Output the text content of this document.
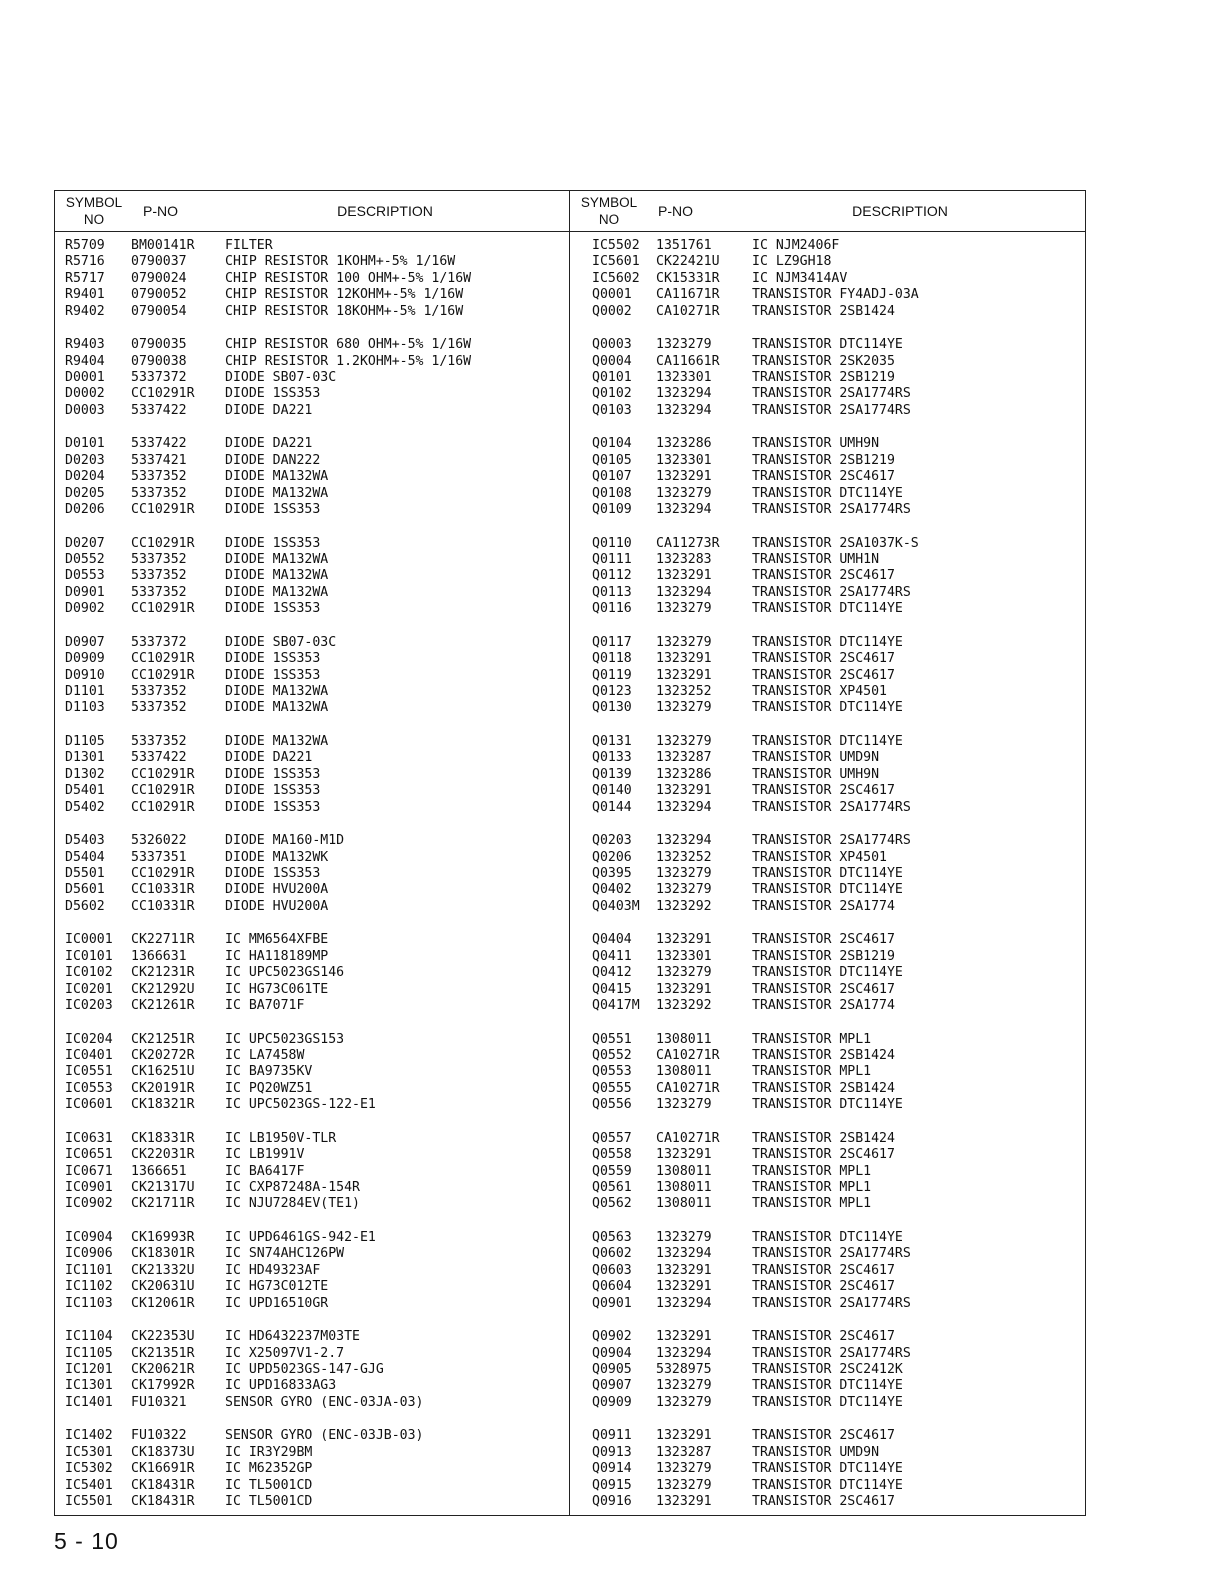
SYMBOL NO
P-NO	DESCRIPTION
R5709	BM00141R	FILTER
R5716	0790037	CHIP RESISTOR 1KOHM+-5% 1/16W
R5717	0790024	CHIP RESISTOR 100 OHM+-5% 1/16W
R9401	0790052	CHIP RESISTOR 12KOHM+-5% 1/16W
R9402	0790054	CHIP RESISTOR 18KOHM+-5% 1/16W
R9403	0790035	CHIP RESISTOR 680 OHM+-5% 1/16W
R9404	0790038	CHIP RESISTOR 1.2KOHM+-5% 1/16W
D0001	5337372	DIODE SB07-03C
D0002	CC10291R	DIODE 1SS353
D0003	5337422	DIODE DA221
D0101	5337422	DIODE DA221
D0203	5337421	DIODE DAN222
D0204	5337352	DIODE MA132WA
D0205	5337352	DIODE MA132WA
D0206	CC10291R	DIODE 1SS353
D0207	CC10291R	DIODE 1SS353
D0552	5337352	DIODE MA132WA
D0553	5337352	DIODE MA132WA
D0901	5337352	DIODE MA132WA
D0902	CC10291R	DIODE 1SS353
D0907	5337372	DIODE SB07-03C
D0909	CC10291R	DIODE 1SS353
D0910	CC10291R	DIODE 1SS353
D1101	5337352	DIODE MA132WA
D1103	5337352	DIODE MA132WA
D1105	5337352	DIODE MA132WA
D1301	5337422	DIODE DA221
D1302	CC10291R	DIODE 1SS353
D5401	CC10291R	DIODE 1SS353
D5402	CC10291R	DIODE 1SS353
D5403	5326022	DIODE MA160-M1D
D5404	5337351	DIODE MA132WK
D5501	CC10291R	DIODE 1SS353
D5601	CC10331R	DIODE HVU200A
D5602	CC10331R	DIODE HVU200A
IC0001	CK22711R	IC MM6564XFBE
IC0101	1366631	IC HA118189MP
IC0102	CK21231R	IC UPC5023GS146
IC0201	CK21292U	IC HG73C061TE
IC0203	CK21261R	IC BA7071F
IC0204	CK21251R	IC UPC5023GS153
IC0401	CK20272R	IC LA7458W
IC0551	CK16251U	IC BA9735KV
IC0553	CK20191R	IC PQ20WZ51
IC0601	CK18321R	IC UPC5023GS-122-E1
IC0631	CK18331R	IC LB1950V-TLR
IC0651	CK22031R	IC LB1991V
IC0671	1366651	IC BA6417F
IC0901	CK21317U	IC CXP87248A-154R
IC0902	CK21711R	IC NJU7284EV(TE1)
IC0904	CK16993R	IC UPD6461GS-942-E1
IC0906	CK18301R	IC SN74AHC126PW
IC1101	CK21332U	IC HD49323AF
IC1102	CK20631U	IC HG73C012TE
IC1103	CK12061R	IC UPD16510GR
IC1104	CK22353U	IC HD6432237M03TE
IC1105	CK21351R	IC X25097V1-2.7
IC1201	CK20621R	IC UPD5023GS-147-GJG
IC1301	CK17992R	IC UPD16833AG3
IC1401	FU10321	SENSOR GYRO (ENC-03JA-03)
IC1402	FU10322	SENSOR GYRO (ENC-03JB-03)
IC5301	CK18373U	IC IR3Y29BM
IC5302	CK16691R	IC M62352GP
IC5401	CK18431R	IC TL5001CD
IC5501	CK18431R	IC TL5001CD
SYMBOL NO
P-NO	DESCRIPTION
IC5502	1351761	IC NJM2406F
IC5601	CK22421U	IC LZ9GH18
IC5602	CK15331R	IC NJM3414AV
Q0001	CA11671R	TRANSISTOR FY4ADJ-03A
Q0002	CA10271R	TRANSISTOR 2SB1424
Q0003	1323279	TRANSISTOR DTC114YE
Q0004	CA11661R	TRANSISTOR 2SK2035
Q0101	1323301	TRANSISTOR 2SB1219
Q0102	1323294	TRANSISTOR 2SA1774RS
Q0103	1323294	TRANSISTOR 2SA1774RS
Q0104	1323286	TRANSISTOR UMH9N
Q0105	1323301	TRANSISTOR 2SB1219
Q0107	1323291	TRANSISTOR 2SC4617
Q0108	1323279	TRANSISTOR DTC114YE
Q0109	1323294	TRANSISTOR 2SA1774RS
Q0110	CA11273R	TRANSISTOR 2SA1037K-S
Q0111	1323283	TRANSISTOR UMH1N
Q0112	1323291	TRANSISTOR 2SC4617
Q0113	1323294	TRANSISTOR 2SA1774RS
Q0116	1323279	TRANSISTOR DTC114YE
Q0117	1323279	TRANSISTOR DTC114YE
Q0118	1323291	TRANSISTOR 2SC4617
Q0119	1323291	TRANSISTOR 2SC4617
Q0123	1323252	TRANSISTOR XP4501
Q0130	1323279	TRANSISTOR DTC114YE
Q0131	1323279	TRANSISTOR DTC114YE
Q0133	1323287	TRANSISTOR UMD9N
Q0139	1323286	TRANSISTOR UMH9N
Q0140	1323291	TRANSISTOR 2SC4617
Q0144	1323294	TRANSISTOR 2SA1774RS
Q0203	1323294	TRANSISTOR 2SA1774RS
Q0206	1323252	TRANSISTOR XP4501
Q0395	1323279	TRANSISTOR DTC114YE
Q0402	1323279	TRANSISTOR DTC114YE
Q0403M	1323292	TRANSISTOR 2SA1774
Q0404	1323291	TRANSISTOR 2SC4617
Q0411	1323301	TRANSISTOR 2SB1219
Q0412	1323279	TRANSISTOR DTC114YE
Q0415	1323291	TRANSISTOR 2SC4617
Q0417M	1323292	TRANSISTOR 2SA1774
Q0551	1308011	TRANSISTOR MPL1
Q0552	CA10271R	TRANSISTOR 2SB1424
Q0553	1308011	TRANSISTOR MPL1
Q0555	CA10271R	TRANSISTOR 2SB1424
Q0556	1323279	TRANSISTOR DTC114YE
Q0557	CA10271R	TRANSISTOR 2SB1424
Q0558	1323291	TRANSISTOR 2SC4617
Q0559	1308011	TRANSISTOR MPL1
Q0561	1308011	TRANSISTOR MPL1
Q0562	1308011	TRANSISTOR MPL1
Q0563	1323279	TRANSISTOR DTC114YE
Q0602	1323294	TRANSISTOR 2SA1774RS
Q0603	1323291	TRANSISTOR 2SC4617
Q0604	1323291	TRANSISTOR 2SC4617
Q0901	1323294	TRANSISTOR 2SA1774RS
Q0902	1323291	TRANSISTOR 2SC4617
Q0904	1323294	TRANSISTOR 2SA1774RS
Q0905	5328975	TRANSISTOR 2SC2412K
Q0907	1323279	TRANSISTOR DTC114YE
Q0909	1323279	TRANSISTOR DTC114YE
Q0911	1323291	TRANSISTOR 2SC4617
Q0913	1323287	TRANSISTOR UMD9N
Q0914	1323279	TRANSISTOR DTC114YE
Q0915	1323279	TRANSISTOR DTC114YE
Q0916	1323291	TRANSISTOR 2SC4617
5 - 10
